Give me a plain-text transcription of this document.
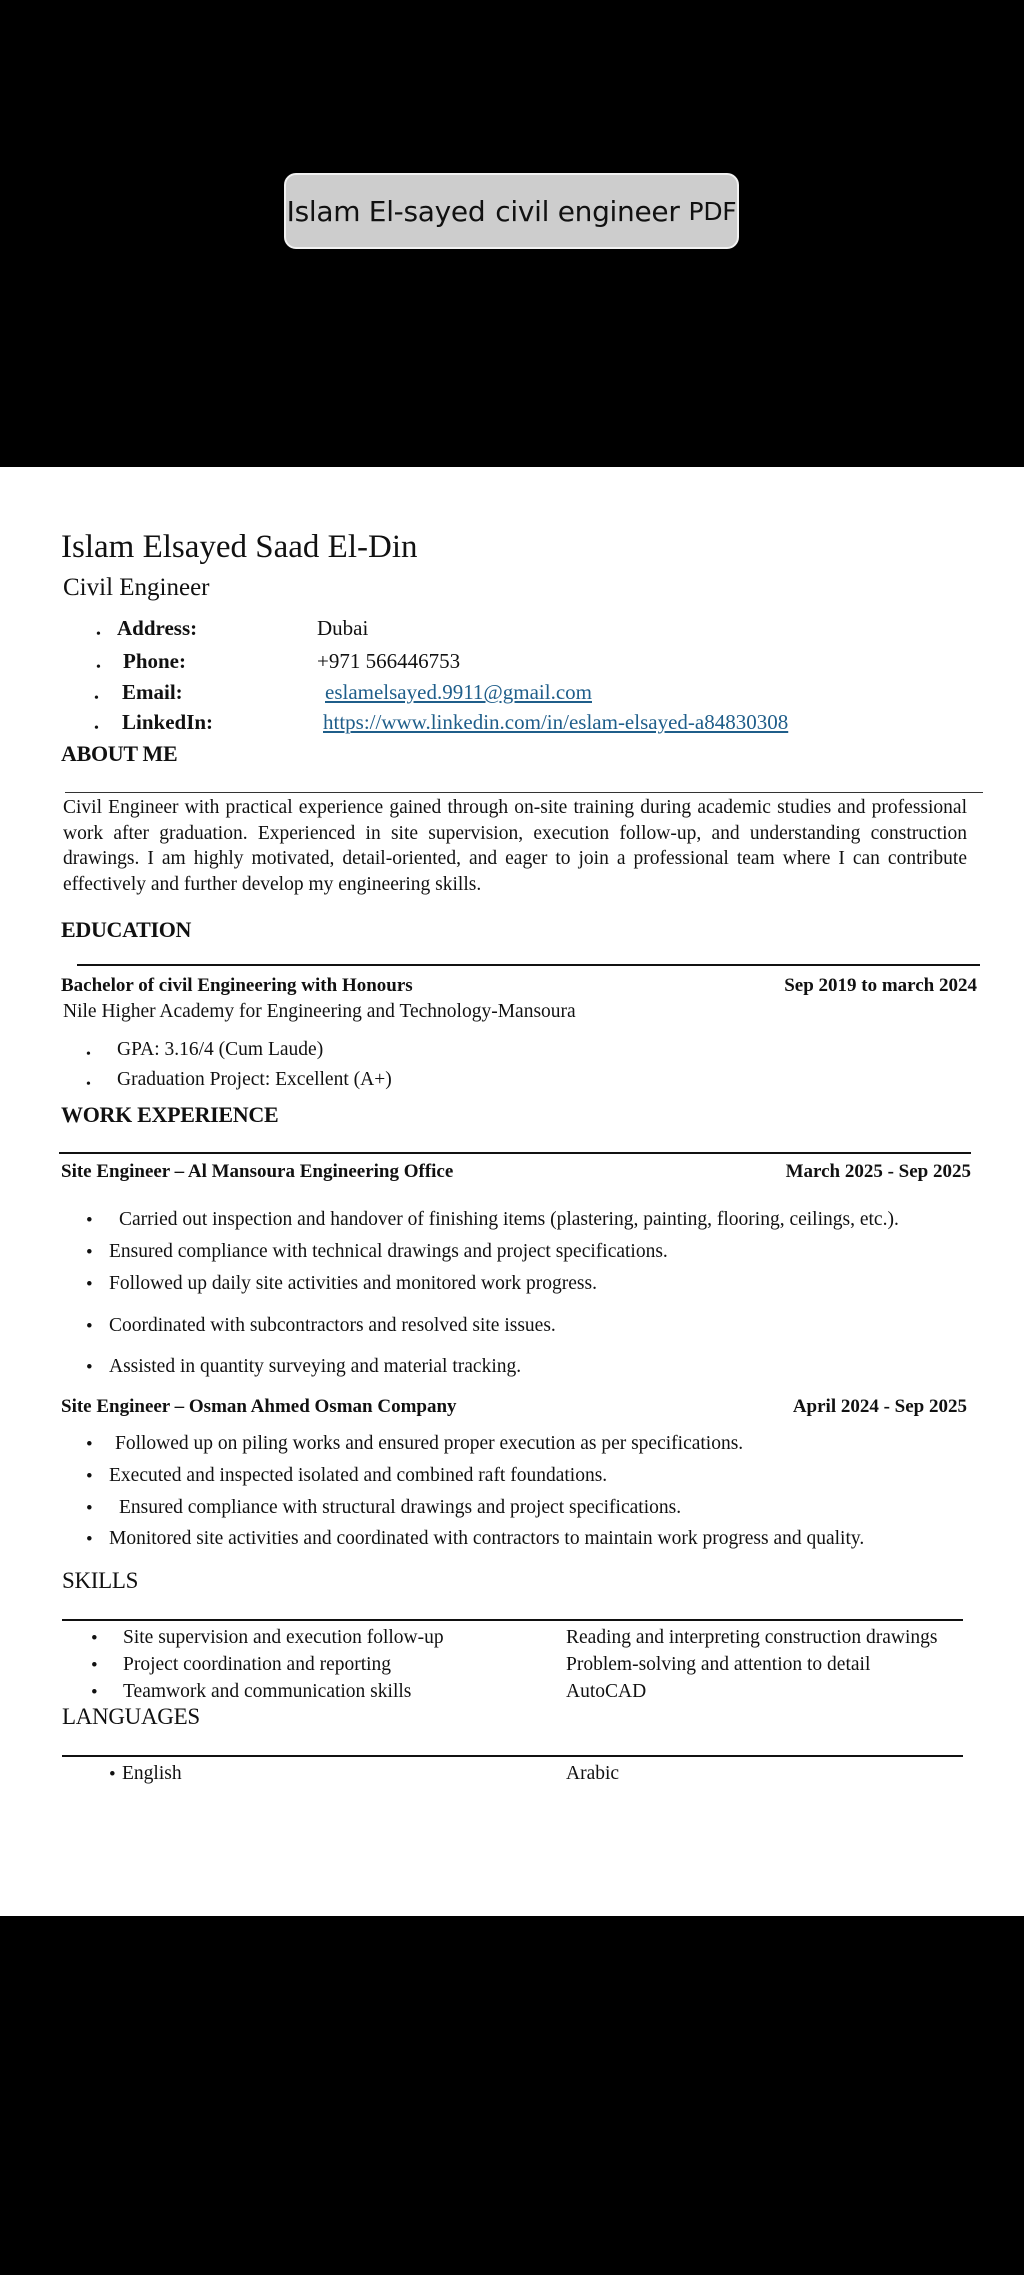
Islam El-sayed civil engineer PDF
Islam Elsayed Saad El-Din
Civil Engineer
• Address:	Dubai
• Phone:	+971 566446753
• Email:	eslamelsayed.9911@gmail.com
• LinkedIn:	https://www.linkedin.com/in/eslam-elsayed-a84830308
ABOUT ME
Civil Engineer with practical experience gained through on-site training during academic studies and professional work after graduation. Experienced in site supervision, execution follow-up, and understanding construction drawings. I am highly motivated, detail-oriented, and eager to join a professional team where I can contribute effectively and further develop my engineering skills.
EDUCATION
Bachelor of civil Engineering with Honours	Sep 2019 to march 2024
Nile Higher Academy for Engineering and Technology-Mansoura
• GPA: 3.16/4 (Cum Laude)
• Graduation Project: Excellent (A+)
WORK EXPERIENCE
Site Engineer – Al Mansoura Engineering Office	March 2025 - Sep 2025
• Carried out inspection and handover of finishing items (plastering, painting, flooring, ceilings, etc.).
• Ensured compliance with technical drawings and project specifications.
• Followed up daily site activities and monitored work progress.
• Coordinated with subcontractors and resolved site issues.
• Assisted in quantity surveying and material tracking.
Site Engineer – Osman Ahmed Osman Company	April 2024 - Sep 2025
• Followed up on piling works and ensured proper execution as per specifications.
• Executed and inspected isolated and combined raft foundations.
• Ensured compliance with structural drawings and project specifications.
• Monitored site activities and coordinated with contractors to maintain work progress and quality.
SKILLS
• Site supervision and execution follow-up	Reading and interpreting construction drawings
• Project coordination and reporting	Problem-solving and attention to detail
• Teamwork and communication skills	AutoCAD
LANGUAGES
• English	Arabic
